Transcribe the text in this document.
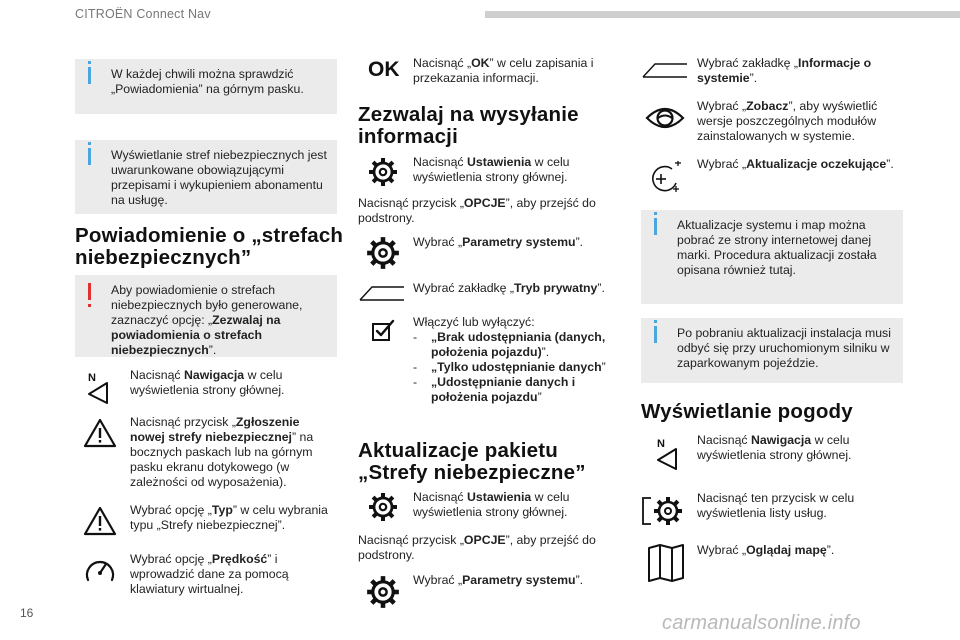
CITROËN Connect Nav
W każdej chwili można sprawdzić „Powiadomienia” na górnym pasku.
Wyświetlanie stref niebezpiecznych jest uwarunkowane obowiązującymi przepisami i wykupieniem abonamentu na usługę.
Powiadomienie o „strefach niebezpiecznych”
Aby powiadomienie o strefach niebezpiecznych było generowane, zaznaczyć opcję: „Zezwalaj na powiadomienia o strefach niebezpiecznych”.
N	Nacisnąć Nawigacja w celu wyświetlenia strony głównej.
Nacisnąć przycisk „Zgłoszenie nowej strefy niebezpiecznej” na bocznych paskach lub na górnym pasku ekranu dotykowego (w zależności od wyposażenia).
Wybrać opcję „Typ” w celu wybrania typu „Strefy niebezpiecznej”.
Wybrać opcję „Prędkość” i wprowadzić dane za pomocą klawiatury wirtualnej.
OK Nacisnąć „OK” w celu zapisania i przekazania informacji.
Zezwalaj na wysyłanie informacji
Nacisnąć Ustawienia w celu wyświetlenia strony głównej.
Nacisnąć przycisk „OPCJE”, aby przejść do podstrony.
Wybrać „Parametry systemu”.
Wybrać zakładkę „Tryb prywatny”.
Włączyć lub wyłączyć:
- „Brak udostępniania (danych, położenia pojazdu)”.
- „Tylko udostępnianie danych”
- „Udostępnianie danych i położenia pojazdu”
Aktualizacje pakietu „Strefy niebezpieczne”
Nacisnąć Ustawienia w celu wyświetlenia strony głównej.
Nacisnąć przycisk „OPCJE”, aby przejść do podstrony.
Wybrać „Parametry systemu”.
Wybrać zakładkę „Informacje o systemie”.
Wybrać „Zobacz”, aby wyświetlić wersje poszczególnych modułów zainstalowanych w systemie.
Wybrać „Aktualizacje oczekujące”.
Aktualizacje systemu i map można pobrać ze strony internetowej danej marki. Procedura aktualizacji została opisana również tutaj.
Po pobraniu aktualizacji instalacja musi odbyć się przy uruchomionym silniku w zaparkowanym pojeździe.
Wyświetlanie pogody
N	Nacisnąć Nawigacja w celu wyświetlenia strony głównej.
Nacisnąć ten przycisk w celu wyświetlenia listy usług.
Wybrać „Oglądaj mapę”.
16	carmanualsonline.info
